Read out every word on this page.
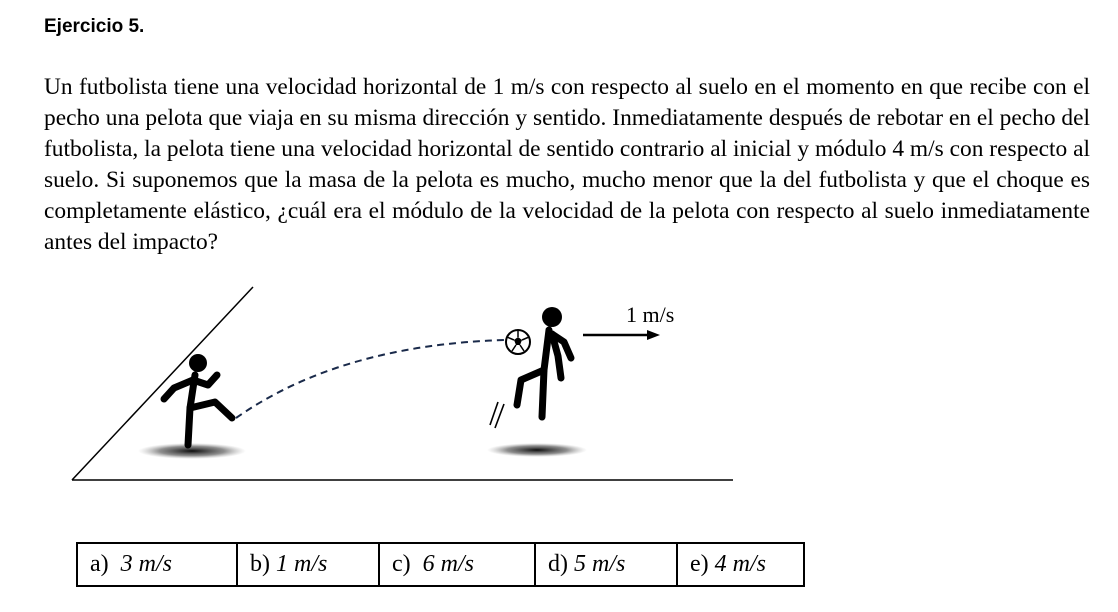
Ejercicio 5.

Un futbolista tiene una velocidad horizontal de 1 m/s con respecto al suelo en el momento en que recibe con el pecho una pelota que viaja en su misma dirección y sentido. Inmediatamente después de rebotar en el pecho del futbolista, la pelota tiene una velocidad horizontal de sentido contrario al inicial y módulo 4 m/s con respecto al suelo. Si suponemos que la masa de la pelota es mucho, mucho menor que la del futbolista y que el choque es completamente elástico, ¿cuál era el módulo de la velocidad de la pelota con respecto al suelo inmediatamente antes del impacto?

1 m/s
a) 3 m/s	b) 1 m/s	c) 6 m/s	d) 5 m/s	e) 4 m/s
